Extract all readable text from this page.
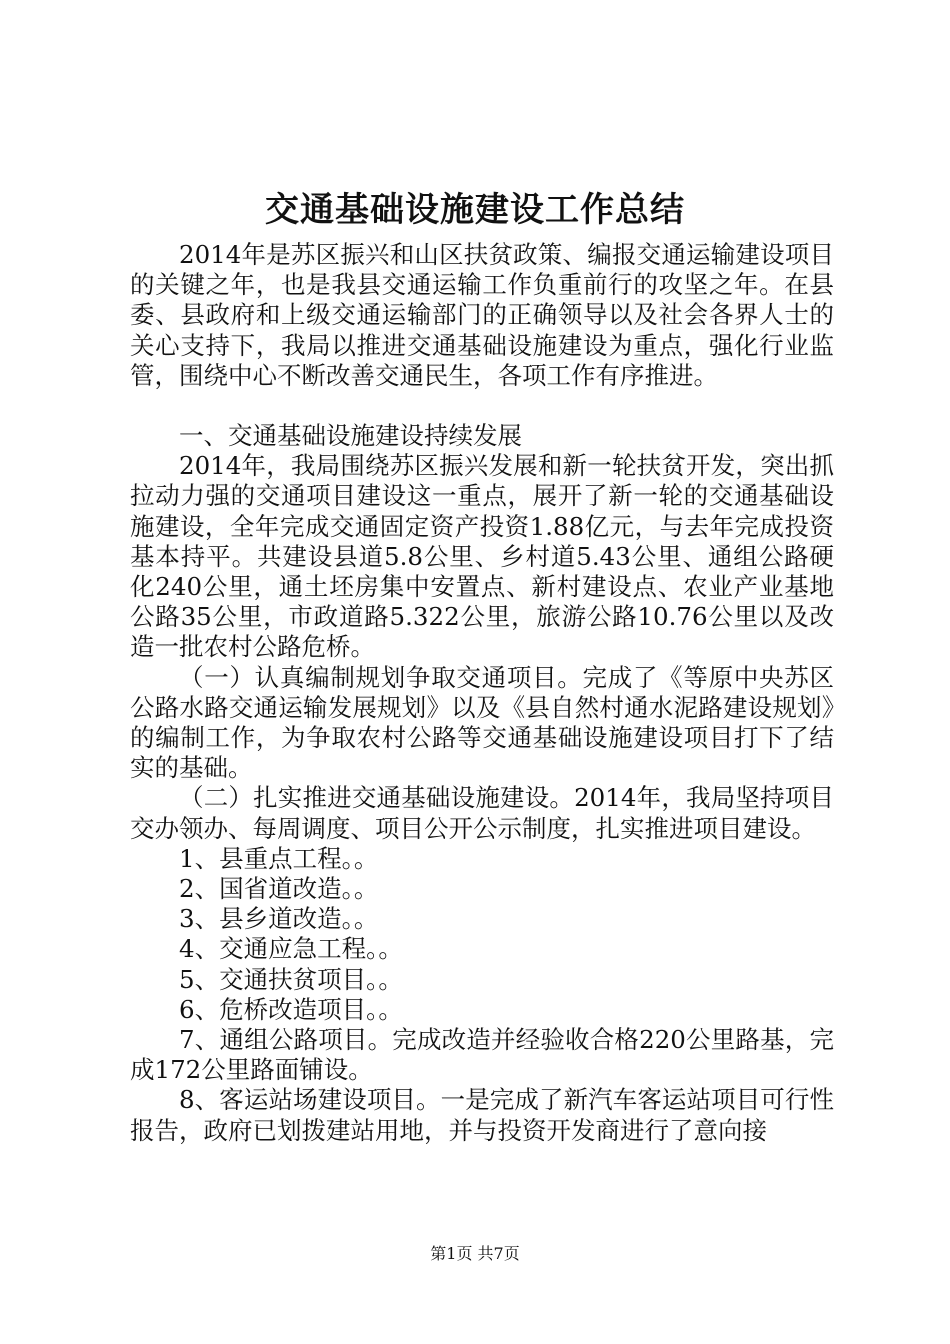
交通基础设施建设工作总结

2014年是苏区振兴和山区扶贫政策、编报交通运输建设项目的关键之年，也是我县交通运输工作负重前行的攻坚之年。在县委、县政府和上级交通运输部门的正确领导以及社会各界人士的关心支持下，我局以推进交通基础设施建设为重点，强化行业监管，围绕中心不断改善交通民生，各项工作有序推进。

一、交通基础设施建设持续发展

2014年，我局围绕苏区振兴发展和新一轮扶贫开发，突出抓拉动力强的交通项目建设这一重点，展开了新一轮的交通基础设施建设，全年完成交通固定资产投资1.88亿元，与去年完成投资基本持平。共建设县道5.8公里、乡村道5.43公里、通组公路硬化240公里，通土坯房集中安置点、新村建设点、农业产业基地公路35公里，市政道路5.322公里，旅游公路10.76公里以及改造一批农村公路危桥。

（一）认真编制规划争取交通项目。完成了《等原中央苏区公路水路交通运输发展规划》以及《县自然村通水泥路建设规划》的编制工作，为争取农村公路等交通基础设施建设项目打下了结实的基础。

（二）扎实推进交通基础设施建设。2014年，我局坚持项目交办领办、每周调度、项目公开公示制度，扎实推进项目建设。

1、县重点工程。。

2、国省道改造。。

3、县乡道改造。。

4、交通应急工程。。

5、交通扶贫项目。。

6、危桥改造项目。。

7、通组公路项目。完成改造并经验收合格220公里路基，完成172公里路面铺设。

8、客运站场建设项目。一是完成了新汽车客运站项目可行性报告，政府已划拨建站用地，并与投资开发商进行了意向接

第1页 共7页
